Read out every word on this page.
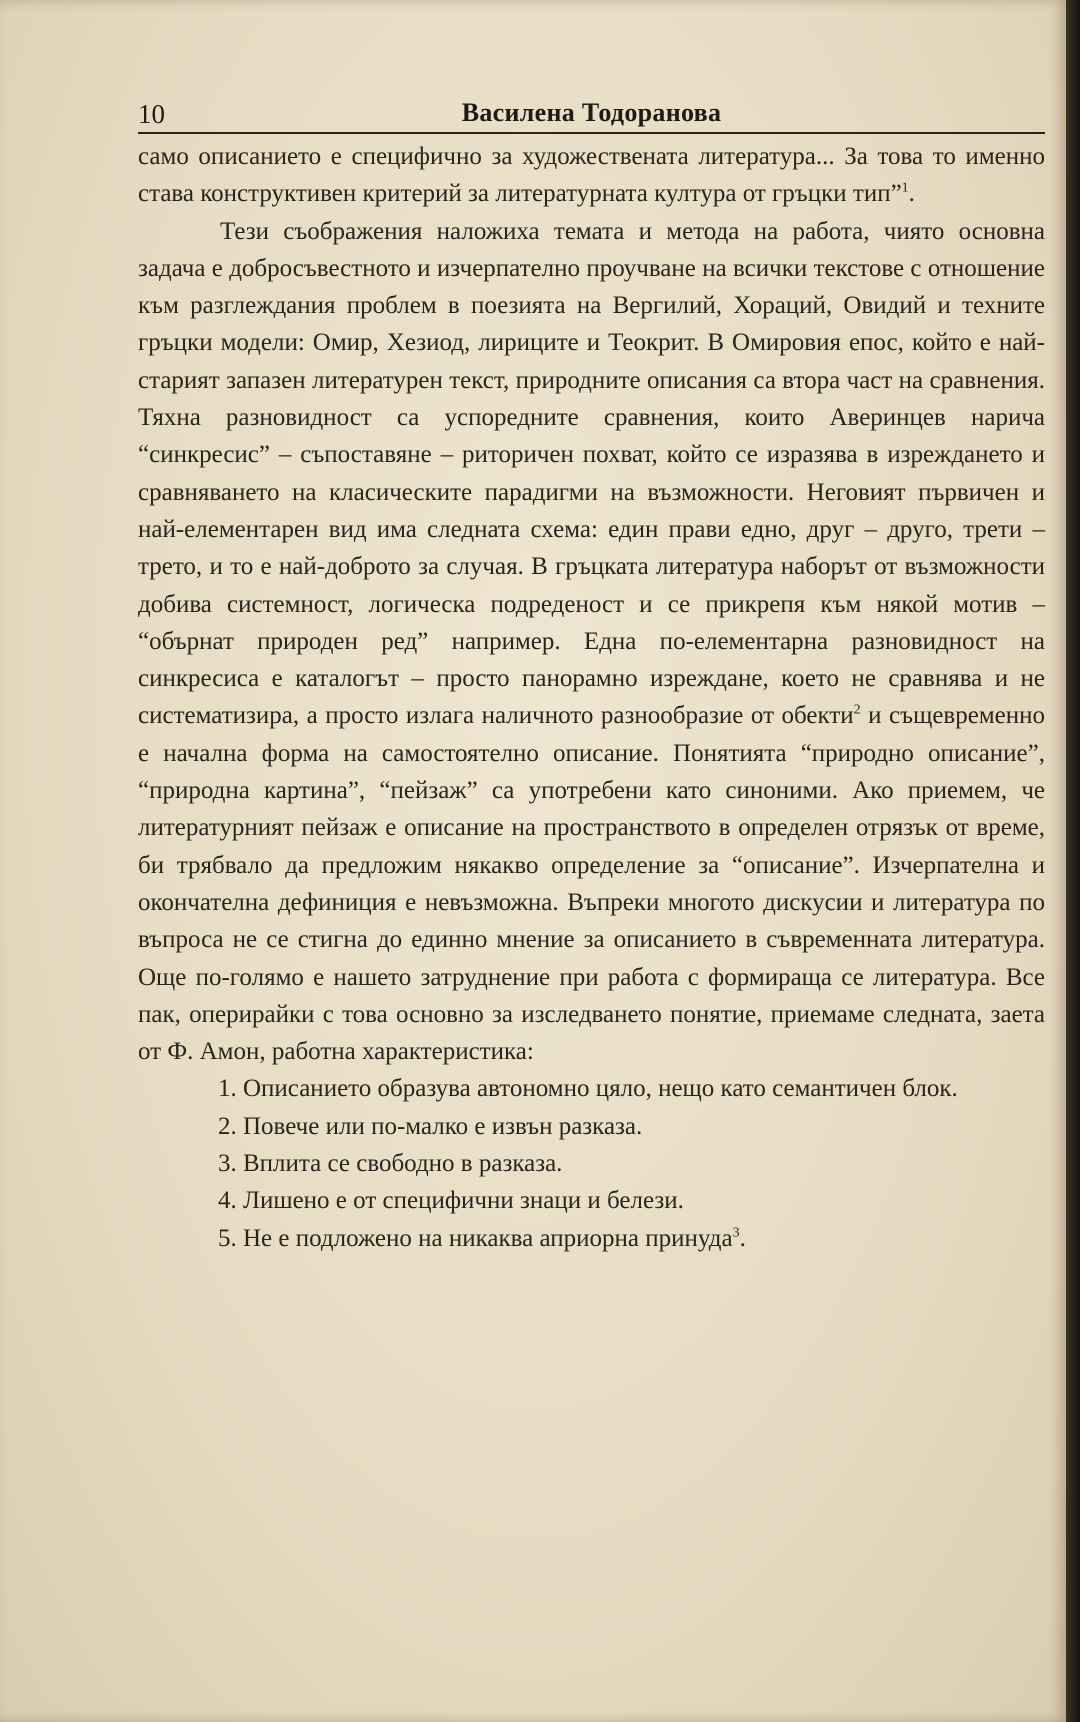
10	Василена Тодоранова

само описанието е специфично за художествената литература... За това то именно става конструктивен критерий за литературната култура от гръцки тип”$^1$.

Тези съображения наложиха темата и метода на работа, чиято основна задача е добросъвестното и изчерпателно проучване на всички текстове с отношение към разглеждания проблем в поезията на Вергилий, Хораций, Овидий и техните гръцки модели: Омир, Хезиод, лириците и Теокрит. В Омировия епос, който е най-старият запазен литературен текст, природните описания са втора част на сравнения. Тяхна разновидност са успоредните сравнения, които Аверинцев нарича “синкресис” – съпоставяне – риторичен похват, който се изразява в изреждането и сравняването на класическите парадигми на възможности. Неговият първичен и най-елементарен вид има следната схема: един прави едно, друг – друго, трети – трето, и то е най-доброто за случая. В гръцката литература наборът от възможности добива системност, логическа подреденост и се прикрепя към някой мотив – “обърнат природен ред” например. Една по-елементарна разновидност на синкресиса е каталогът – просто панорамно изреждане, което не сравнява и не систематизира, а просто излага наличното разнообразие от обекти$^2$ и същевременно е начална форма на самостоятелно описание. Понятията “природно описание”, “природна картина”, “пейзаж” са употребени като синоними. Ако приемем, че литературният пейзаж е описание на пространството в определен отрязък от време, би трябвало да предложим някакво определение за “описание”. Изчерпателна и окончателна дефиниция е невъзможна. Въпреки многото дискусии и литература по въпроса не се стигна до единно мнение за описанието в съвременната литература. Още по-голямо е нашето затруднение при работа с формираща се литература. Все пак, оперирайки с това основно за изследването понятие, приемаме следната, заета от Ф. Амон, работна характеристика:

1. Описанието образува автономно цяло, нещо като семантичен блок.

2. Повече или по-малко е извън разказа.

3. Вплита се свободно в разказа.

4. Лишено е от специфични знаци и белези.

5. Не е подложено на никаква априорна принуда$^3$.
